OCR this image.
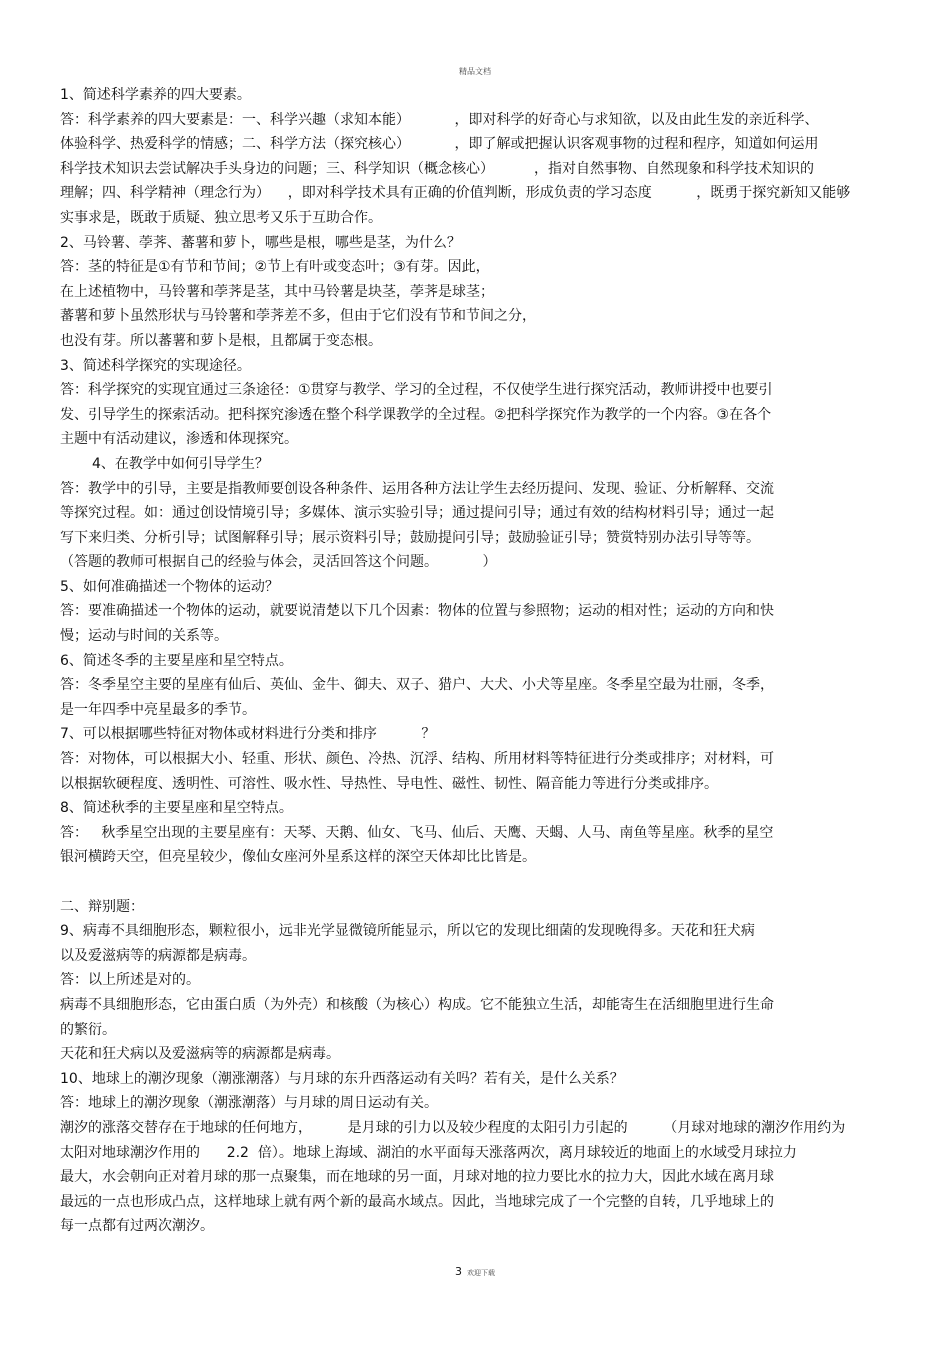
精品文档

1、简述科学素养的四大要素。

答：科学素养的四大要素是：一、科学兴趣（求知本能）          ，即对科学的好奇心与求知欲，以及由此生发的亲近科学、

体验科学、热爱科学的情感；二、科学方法（探究核心）          ，即了解或把握认识客观事物的过程和程序，知道如何运用

科学技术知识去尝试解决手头身边的问题；三、科学知识（概念核心）         ，指对自然事物、自然现象和科学技术知识的

理解；四、科学精神（理念行为）    ，即对科学技术具有正确的价值判断，形成负责的学习态度          ，既勇于探究新知又能够

实事求是，既敢于质疑、独立思考又乐于互助合作。

2、马铃薯、荸荠、蕃薯和萝卜，哪些是根，哪些是茎，为什么？

答：茎的特征是①有节和节间；②节上有叶或变态叶；③有芽。因此，

在上述植物中，马铃薯和荸荠是茎，其中马铃薯是块茎，荸荠是球茎；

蕃薯和萝卜虽然形状与马铃薯和荸荠差不多，但由于它们没有节和节间之分，

也没有芽。所以蕃薯和萝卜是根，且都属于变态根。

3、简述科学探究的实现途径。

答：科学探究的实现宜通过三条途径：①贯穿与教学、学习的全过程，不仅使学生进行探究活动，教师讲授中也要引

发、引导学生的探索活动。把科探究渗透在整个科学课教学的全过程。②把科学探究作为教学的一个内容。③在各个

主题中有活动建议，渗透和体现探究。

4、在教学中如何引导学生？

答：教学中的引导，主要是指教师要创设各种条件、运用各种方法让学生去经历提问、发现、验证、分析解释、交流

等探究过程。如：通过创设情境引导；多媒体、演示实验引导；通过提问引导；通过有效的结构材料引导；通过一起

写下来归类、分析引导；试图解释引导；展示资料引导；鼓励提问引导；鼓励验证引导；赞赏特别办法引导等等。

（答题的教师可根据自己的经验与体会，灵活回答这个问题。          ）

5、如何准确描述一个物体的运动？

答：要准确描述一个物体的运动，就要说清楚以下几个因素：物体的位置与参照物；运动的相对性；运动的方向和快

慢；运动与时间的关系等。

6、简述冬季的主要星座和星空特点。

答：冬季星空主要的星座有仙后、英仙、金牛、御夫、双子、猎户、大犬、小犬等星座。冬季星空最为壮丽，冬季，

是一年四季中亮星最多的季节。

7、可以根据哪些特征对物体或材料进行分类和排序          ？

答：对物体，可以根据大小、轻重、形状、颜色、冷热、沉浮、结构、所用材料等特征进行分类或排序；对材料，可

以根据软硬程度、透明性、可溶性、吸水性、导热性、导电性、磁性、韧性、隔音能力等进行分类或排序。

8、简述秋季的主要星座和星空特点。

答：   秋季星空出现的主要星座有：天琴、天鹅、仙女、飞马、仙后、天鹰、天蝎、人马、南鱼等星座。秋季的星空

银河横跨天空，但亮星较少，像仙女座河外星系这样的深空天体却比比皆是。

二、辩别题：

9、病毒不具细胞形态，颗粒很小，远非光学显微镜所能显示，所以它的发现比细菌的发现晚得多。天花和狂犬病

以及爱滋病等的病源都是病毒。

答：以上所述是对的。

病毒不具细胞形态，它由蛋白质（为外壳）和核酸（为核心）构成。它不能独立生活，却能寄生在活细胞里进行生命

的繁衍。

天花和狂犬病以及爱滋病等的病源都是病毒。

10、地球上的潮汐现象（潮涨潮落）与月球的东升西落运动有关吗？若有关，是什么关系？

答：地球上的潮汐现象（潮涨潮落）与月球的周日运动有关。

潮汐的涨落交替存在于地球的任何地方，        是月球的引力以及较少程度的太阳引力引起的        （月球对地球的潮汐作用约为

太阳对地球潮汐作用的      2.2  倍）。地球上海域、湖泊的水平面每天涨落两次，离月球较近的地面上的水域受月球拉力

最大，水会朝向正对着月球的那一点聚集，而在地球的另一面，月球对地的拉力要比水的拉力大，因此水域在离月球

最远的一点也形成凸点，这样地球上就有两个新的最高水域点。因此，当地球完成了一个完整的自转，几乎地球上的

每一点都有过两次潮汐。

3 欢迎下载
